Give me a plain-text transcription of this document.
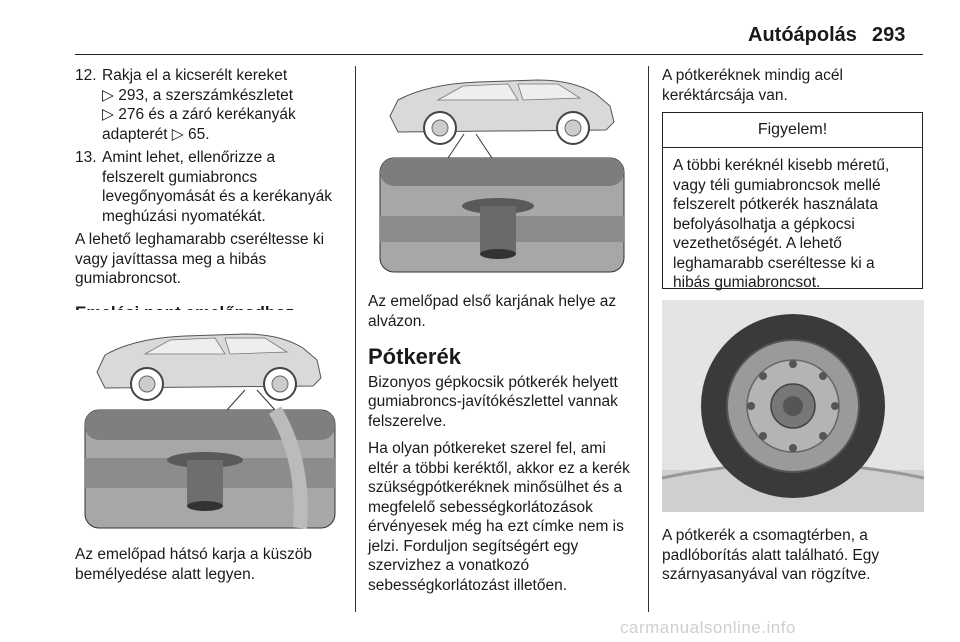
Autóápolás 293
12. Rakja el a kicserélt kereket
▷ 293, a szerszámkészletet
▷ 276 és a záró kerékanyák
adapterét ▷ 65.
13. Amint lehet, ellenőrizze a
felszerelt gumiabroncs
levegőnyomását és a kerékanyák
meghúzási nyomatékát.

A lehető leghamarabb cseréltesse ki
vagy javíttassa meg a hibás
gumiabroncsot.

Az emelőpad hátsó karja a küszöb
bemélyedése alatt legyen.

Az emelőpad első karjának helye az
alvázon.

Pótkerék

Bizonyos gépkocsik pótkerék helyett
gumiabroncs-javítókészlettel vannak
felszerelve.

Ha olyan pótkereket szerel fel, ami
eltér a többi keréktől, akkor ez a kerék
szükségpótkeréknek minősülhet és a
megfelelő sebességkorlátozások
érvényesek még ha ezt címke nem is
jelzi. Forduljon segítségért egy
szervizhez a vonatkozó
sebességkorlátozást illetően.

A pótkeréknek mindig acél
keréktárcsája van.
Figyelem!
A többi keréknél kisebb méretű,
vagy téli gumiabroncsok mellé
felszerelt pótkerék használata
befolyásolhatja a gépkocsi
vezethetőségét. A lehető
leghamarabb cseréltesse ki a
hibás gumiabroncsot.
A pótkerék a csomagtérben, a
padlóborítás alatt található. Egy
szárnyasanyával van rögzítve.
carmanualsonline.info
